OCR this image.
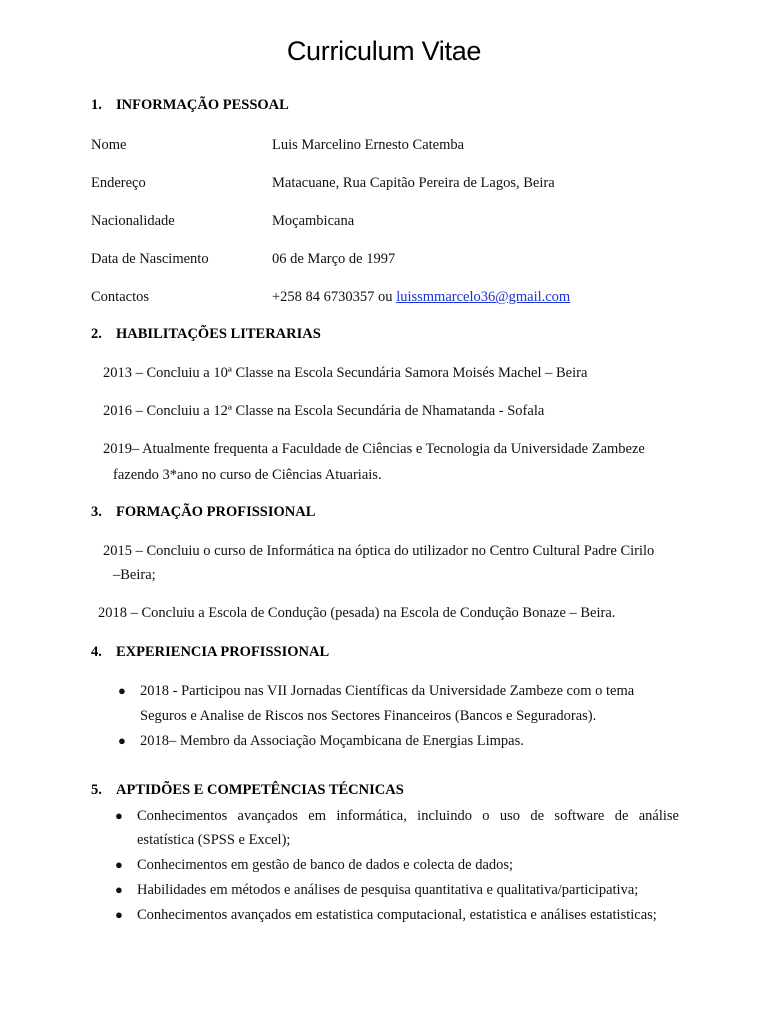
Curriculum Vitae
1. INFORMAÇÃO PESSOAL
Nome	Luis Marcelino Ernesto Catemba
Endereço	Matacuane, Rua Capitão Pereira de Lagos, Beira
Nacionalidade	Moçambicana
Data de Nascimento	06 de Março de 1997
Contactos	+258 84 6730357 ou luissmmarcelo36@gmail.com
2. HABILITAÇÕES LITERARIAS
2013 – Concluiu a 10ª Classe na Escola Secundária Samora Moisés Machel – Beira
2016 – Concluiu a 12ª Classe na Escola Secundária de Nhamatanda - Sofala
2019– Atualmente frequenta a Faculdade de Ciências e Tecnologia da Universidade Zambeze
fazendo 3*ano no curso de Ciências Atuariais.
3. FORMAÇÃO PROFISSIONAL
2015 – Concluiu o curso de Informática na óptica do utilizador no Centro Cultural Padre Cirilo
–Beira;
2018 – Concluiu a Escola de Condução (pesada) na Escola de Condução Bonaze – Beira.
4. EXPERIENCIA PROFISSIONAL
● 2018 - Participou nas VII Jornadas Científicas da Universidade Zambeze com o tema
Seguros e Analise de Riscos nos Sectores Financeiros (Bancos e Seguradoras).
● 2018– Membro da Associação Moçambicana de Energias Limpas.
5. APTIDÕES E COMPETÊNCIAS TÉCNICAS
● Conhecimentos avançados em informática, incluindo o uso de software de análise
estatística (SPSS e Excel);
● Conhecimentos em gestão de banco de dados e colecta de dados;
● Habilidades em métodos e análises de pesquisa quantitativa e qualitativa/participativa;
● Conhecimentos avançados em estatistica computacional, estatistica e análises estatisticas;
